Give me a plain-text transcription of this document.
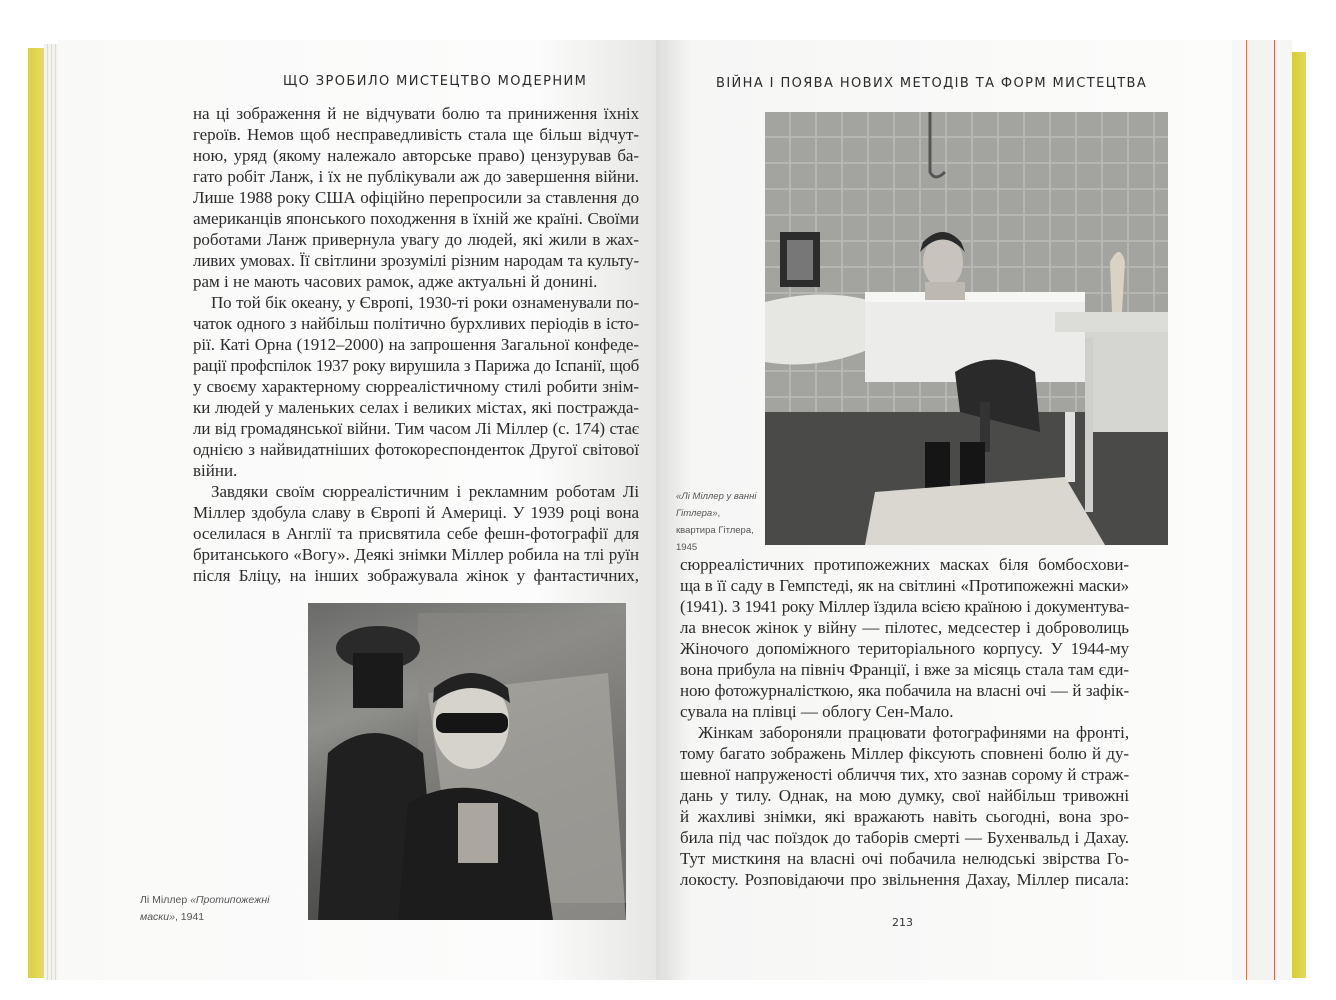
ЩО ЗРОБИЛО МИСТЕЦТВО МОДЕРНИМ	ВІЙНА І ПОЯВА НОВИХ МЕТОДІВ ТА ФОРМ МИСТЕЦТВА
на ці зображення й не відчувати болю та приниження їхніх
героїв. Немов щоб несправедливість стала ще більш відчут-
ною, уряд (якому належало авторське право) цензурував ба-
гато робіт Ланж, і їх не публікували аж до завершення війни.
Лише 1988 року США офіційно перепросили за ставлення до
американців японського походження в їхній же країні. Своїми
роботами Ланж привернула увагу до людей, які жили в жах-
ливих умовах. Її світлини зрозумілі різним народам та культу-
рам і не мають часових рамок, адже актуальні й донині.
По той бік океану, у Європі, 1930-ті роки ознаменували по-
чаток одного з найбільш політично бурхливих періодів в істо-
рії. Каті Орна (1912–2000) на запрошення Загальної конфеде-
рації профспілок 1937 року вирушила з Парижа до Іспанії, щоб
у своєму характерному сюрреалістичному стилі робити знім-
ки людей у маленьких селах і великих містах, які постражда-
ли від громадянської війни. Тим часом Лі Міллер (с. 174) стає
однією з найвидатніших фотокореспонденток Другої світової
війни.
Завдяки своїм сюрреалістичним і рекламним роботам Лі
Міллер здобула славу в Європі й Америці. У 1939 році вона
оселилася в Англії та присвятила себе фешн-фотографії для
британського «Вогу». Деякі знімки Міллер робила на тлі руїн
після Бліцу, на інших зображувала жінок у фантастичних,
сюрреалістичних протипожежних масках біля бомбосхови-
ща в її саду в Гемпстеді, як на світлині «Протипожежні маски»
(1941). З 1941 року Міллер їздила всією країною і документува-
ла внесок жінок у війну — пілотес, медсестер і доброволиць
Жіночого допоміжного територіального корпусу. У 1944-му
вона прибула на північ Франції, і вже за місяць стала там єди-
ною фотожурналісткою, яка побачила на власні очі — й зафік-
сувала на плівці — облогу Сен-Мало.
Жінкам забороняли працювати фотографинями на фронті,
тому багато зображень Міллер фіксують сповнені болю й ду-
шевної напруженості обличчя тих, хто зазнав сорому й страж-
дань у тилу. Однак, на мою думку, свої найбільш тривожні
й жахливі знімки, які вражають навіть сьогодні, вона зро-
била під час поїздок до таборів смерті — Бухенвальд і Дахау.
Тут мисткиня на власні очі побачила нелюдські звірства Го-
локосту. Розповідаючи про звільнення Дахау, Міллер писала:
Лі Міллер «Протипожежні маски», 1941
«Лі Міллер у ванні Гітлера», квартира Гітлера, 1945
213
